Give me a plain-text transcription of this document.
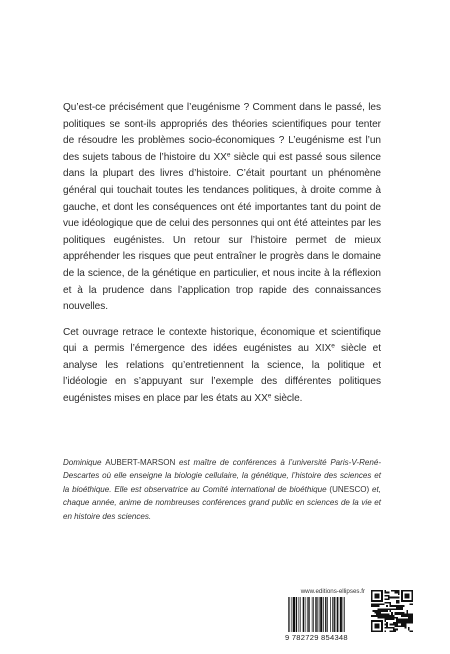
Qu’est-ce précisément que l’eugénisme ? Comment dans le passé, les politiques se sont-ils appropriés des théories scientifiques pour tenter de résoudre les problèmes socio-économiques ? L’eugénisme est l’un des sujets tabous de l’histoire du XXe siècle qui est passé sous silence dans la plupart des livres d’histoire. C’était pourtant un phénomène général qui touchait toutes les tendances politiques, à droite comme à gauche, et dont les conséquences ont été importantes tant du point de vue idéologique que de celui des personnes qui ont été atteintes par les politiques eugénistes. Un retour sur l’histoire permet de mieux appréhender les risques que peut entraîner le progrès dans le domaine de la science, de la génétique en particulier, et nous incite à la réflexion et à la prudence dans l’application trop rapide des connaissances nouvelles.

Cet ouvrage retrace le contexte historique, économique et scientifique qui a permis l’émergence des idées eugénistes au XIXe siècle et analyse les relations qu’entretiennent la science, la politique et l’idéologie en s’appuyant sur l’exemple des différentes politiques eugénistes mises en place par les états au XXe siècle.

Dominique AUBERT-MARSON est maître de conférences à l’université Paris-V-René-Descartes où elle enseigne la biologie cellulaire, la génétique, l’histoire des sciences et la bioéthique. Elle est observatrice au Comité international de bioéthique (UNESCO) et, chaque année, anime de nombreuses conférences grand public en sciences de la vie et en histoire des sciences.
www.editions-ellipses.fr
9 782729 854348
